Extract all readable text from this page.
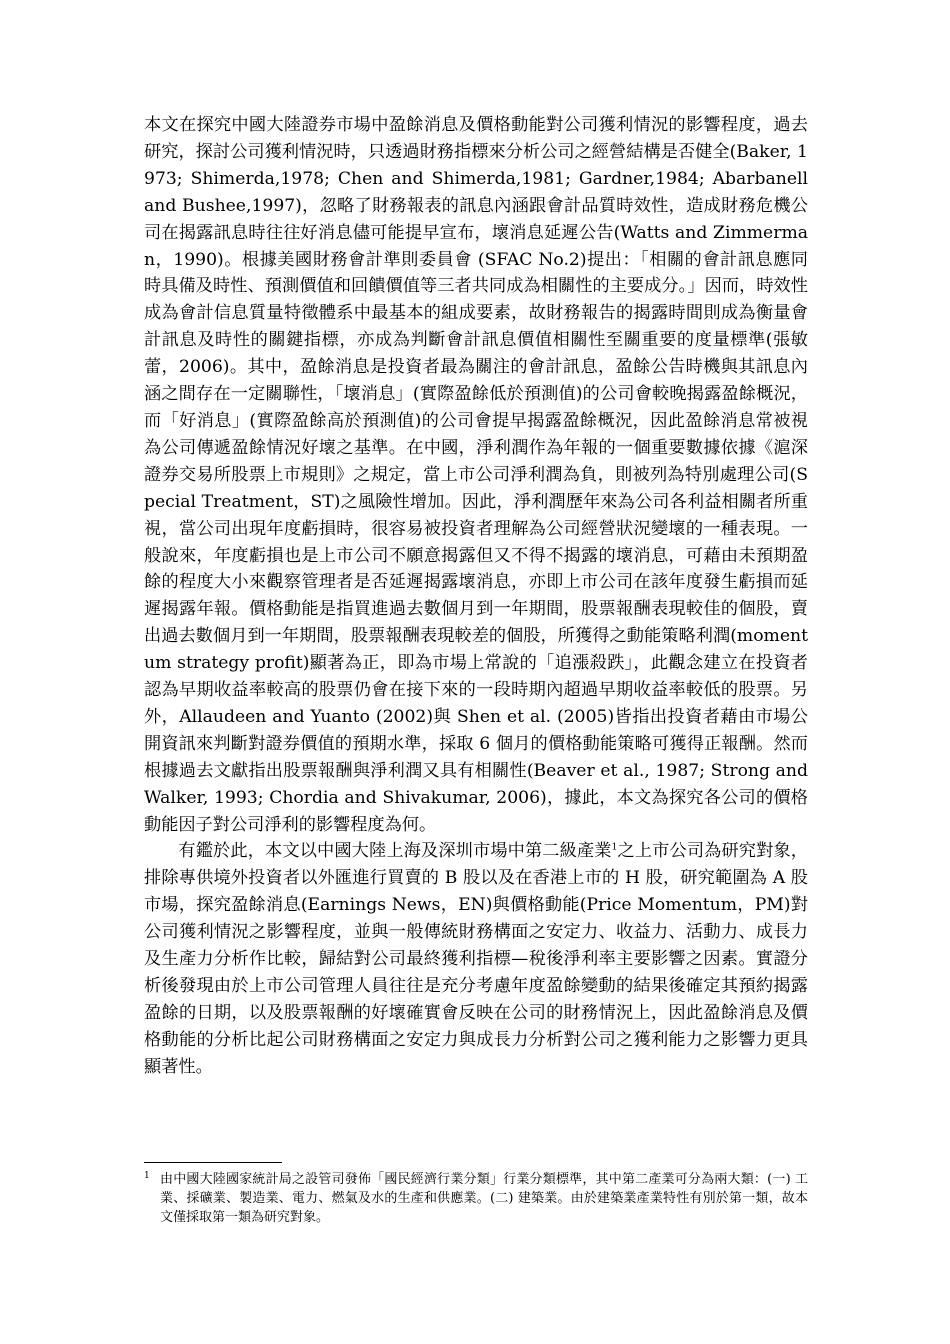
本文在探究中國大陸證券市場中盈餘消息及價格動能對公司獲利情況的影響程度，過去研究，探討公司獲利情況時，只透過財務指標來分析公司之經營結構是否健全(Baker, 1973; Shimerda,1978; Chen and Shimerda,1981; Gardner,1984; Abarbanell and Bushee,1997)，忽略了財務報表的訊息內涵跟會計品質時效性，造成財務危機公司在揭露訊息時往往好消息儘可能提早宣布，壞消息延遲公告(Watts and Zimmerman，1990)。根據美國財務會計準則委員會 (SFAC No.2)提出：「相關的會計訊息應同時具備及時性、預測價值和回饋價值等三者共同成為相關性的主要成分。」因而，時效性成為會計信息質量特徵體系中最基本的組成要素，故財務報告的揭露時間則成為衡量會計訊息及時性的關鍵指標，亦成為判斷會計訊息價值相關性至關重要的度量標準(張敏蕾，2006)。其中，盈餘消息是投資者最為關注的會計訊息，盈餘公告時機與其訊息內涵之間存在一定關聯性，「壞消息」(實際盈餘低於預測值)的公司會較晚揭露盈餘概況，而「好消息」(實際盈餘高於預測值)的公司會提早揭露盈餘概況，因此盈餘消息常被視為公司傳遞盈餘情況好壞之基準。在中國，淨利潤作為年報的一個重要數據依據《滬深證券交易所股票上市規則》之規定，當上市公司淨利潤為負，則被列為特別處理公司(Special Treatment，ST)之風險性增加。因此，淨利潤歷年來為公司各利益相關者所重視，當公司出現年度虧損時，很容易被投資者理解為公司經營狀況變壞的一種表現。一般說來，年度虧損也是上市公司不願意揭露但又不得不揭露的壞消息，可藉由未預期盈餘的程度大小來觀察管理者是否延遲揭露壞消息，亦即上市公司在該年度發生虧損而延遲揭露年報。價格動能是指買進過去數個月到一年期間，股票報酬表現較佳的個股，賣出過去數個月到一年期間，股票報酬表現較差的個股，所獲得之動能策略利潤(momentum strategy profit)顯著為正，即為市場上常說的「追漲殺跌」，此觀念建立在投資者認為早期收益率較高的股票仍會在接下來的一段時期內超過早期收益率較低的股票。另外，Allaudeen and Yuanto (2002)與 Shen et al. (2005)皆指出投資者藉由市場公開資訊來判斷對證券價值的預期水準，採取 6 個月的價格動能策略可獲得正報酬。然而根據過去文獻指出股票報酬與淨利潤又具有相關性(Beaver et al., 1987; Strong and Walker, 1993; Chordia and Shivakumar, 2006)，據此，本文為探究各公司的價格動能因子對公司淨利的影響程度為何。

有鑑於此，本文以中國大陸上海及深圳市場中第二級產業$^1$之上市公司為研究對象，排除專供境外投資者以外匯進行買賣的 B 股以及在香港上市的 H 股，研究範圍為 A 股市場，探究盈餘消息(Earnings News，EN)與價格動能(Price Momentum，PM)對公司獲利情況之影響程度，並與一般傳統財務構面之安定力、收益力、活動力、成長力及生產力分析作比較，歸結對公司最終獲利指標—稅後淨利率主要影響之因素。實證分析後發現由於上市公司管理人員往往是充分考慮年度盈餘變動的結果後確定其預約揭露盈餘的日期，以及股票報酬的好壞確實會反映在公司的財務情況上，因此盈餘消息及價格動能的分析比起公司財務構面之安定力與成長力分析對公司之獲利能力之影響力更具顯著性。

1 由中國大陸國家統計局之設管司發佈「國民經濟行業分類」行業分類標準，其中第二產業可分為兩大類：(一) 工業、採礦業、製造業、電力、燃氣及水的生產和供應業。(二) 建築業。由於建築業產業特性有別於第一類，故本文僅採取第一類為研究對象。
